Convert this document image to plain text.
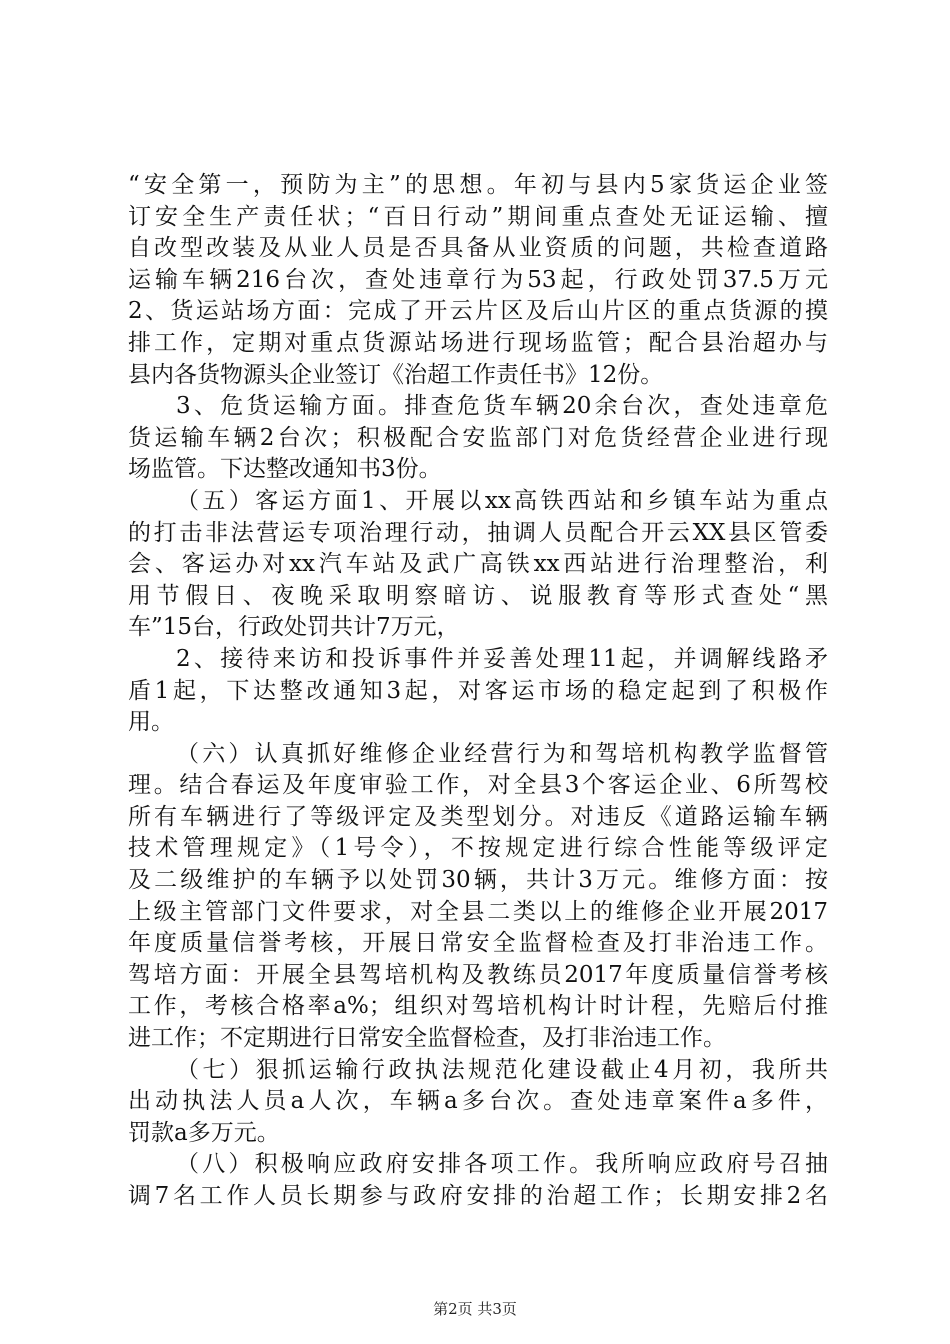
“安全第一，预防为主”的思想。年初与县内5家货运企业签
订安全生产责任状；“百日行动”期间重点查处无证运输、擅
自改型改装及从业人员是否具备从业资质的问题，共检查道路
运输车辆216台次，查处违章行为53起，行政处罚37.5万元
2、货运站场方面：完成了开云片区及后山片区的重点货源的摸
排工作，定期对重点货源站场进行现场监管；配合县治超办与
县内各货物源头企业签订《治超工作责任书》12份。
3、危货运输方面。排查危货车辆20余台次，查处违章危
货运输车辆2台次；积极配合安监部门对危货经营企业进行现
场监管。下达整改通知书3份。
（五）客运方面1、开展以xx高铁西站和乡镇车站为重点
的打击非法营运专项治理行动，抽调人员配合开云XX县区管委
会、客运办对xx汽车站及武广高铁xx西站进行治理整治，利
用节假日、夜晚采取明察暗访、说服教育等形式查处“黑
车”15台，行政处罚共计7万元，
2、接待来访和投诉事件并妥善处理11起，并调解线路矛
盾1起，下达整改通知3起，对客运市场的稳定起到了积极作
用。
（六）认真抓好维修企业经营行为和驾培机构教学监督管
理。结合春运及年度审验工作，对全县3个客运企业、6所驾校
所有车辆进行了等级评定及类型划分。对违反《道路运输车辆
技术管理规定》（1号令），不按规定进行综合性能等级评定
及二级维护的车辆予以处罚30辆，共计3万元。维修方面：按
上级主管部门文件要求，对全县二类以上的维修企业开展2017
年度质量信誉考核，开展日常安全监督检查及打非治违工作。
驾培方面：开展全县驾培机构及教练员2017年度质量信誉考核
工作，考核合格率a%；组织对驾培机构计时计程，先赔后付推
进工作；不定期进行日常安全监督检查，及打非治违工作。
（七）狠抓运输行政执法规范化建设截止4月初，我所共
出动执法人员a人次，车辆a多台次。查处违章案件a多件，
罚款a多万元。
（八）积极响应政府安排各项工作。我所响应政府号召抽
调7名工作人员长期参与政府安排的治超工作；长期安排2名
第2页 共3页
